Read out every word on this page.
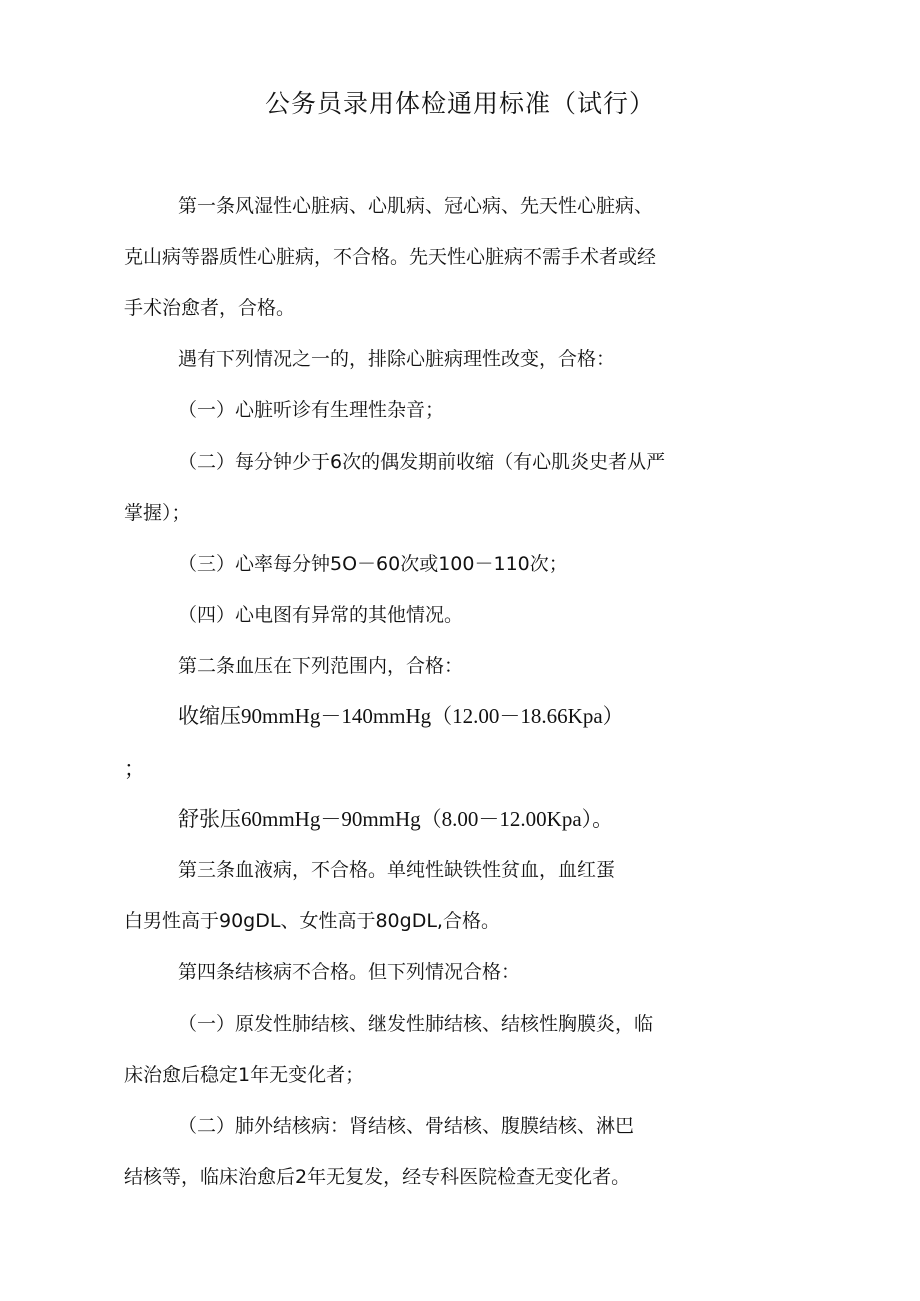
公务员录用体检通用标准（试行）
第一条风湿性心脏病、心肌病、冠心病、先天性心脏病、
克山病等器质性心脏病，不合格。先天性心脏病不需手术者或经
手术治愈者，合格。
遇有下列情况之一的，排除心脏病理性改变，合格：
（一）心脏听诊有生理性杂音；
（二）每分钟少于6次的偶发期前收缩（有心肌炎史者从严
掌握）；
（三）心率每分钟5O－60次或100－110次；
（四）心电图有异常的其他情况。
第二条血压在下列范围内，合格：
收缩压90mmHg－140mmHg（12.00－18.66Kpa）
；
舒张压60mmHg－90mmHg（8.00－12.00Kpa）。
第三条血液病，不合格。单纯性缺铁性贫血，血红蛋
白男性高于90gDL、女性高于80gDL,合格。
第四条结核病不合格。但下列情况合格：
（一）原发性肺结核、继发性肺结核、结核性胸膜炎，临
床治愈后稳定1年无变化者；
（二）肺外结核病：肾结核、骨结核、腹膜结核、淋巴
结核等，临床治愈后2年无复发，经专科医院检查无变化者。
